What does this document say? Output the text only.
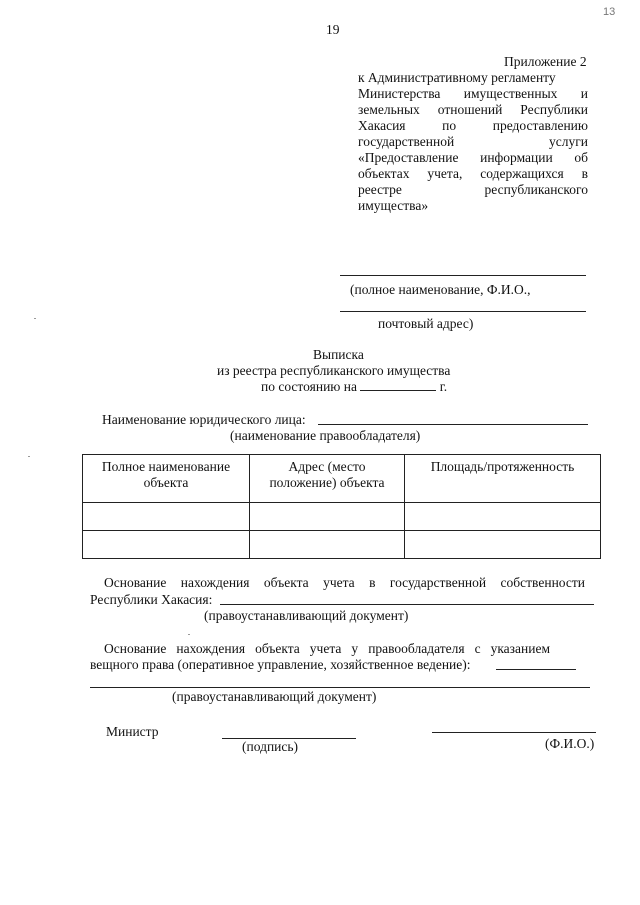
19
13
Приложение 2
к Административному регламенту
Министерства имущественных и
земельных отношений Республики
Хакасия по предоставлению
государственной услуги
«Предоставление информации об
объектах учета, содержащихся в
реестре республиканского
имущества»
(полное наименование, Ф.И.О.,
почтовый адрес)
Выписка
из реестра республиканского имущества
по состоянию на	г.
Наименование юридического лица:
(наименование правообладателя)
Полное наименование объекта	Адрес (место положение) объекта	Площадь/протяженность

Основание нахождения объекта учета в государственной собственности
Республики Хакасия:
(правоустанавливающий документ)
Основание нахождения объекта учета у правообладателя с указанием
вещного права (оперативное управление, хозяйственное ведение):
(правоустанавливающий документ)
Министр
(подпись)	(Ф.И.О.)
